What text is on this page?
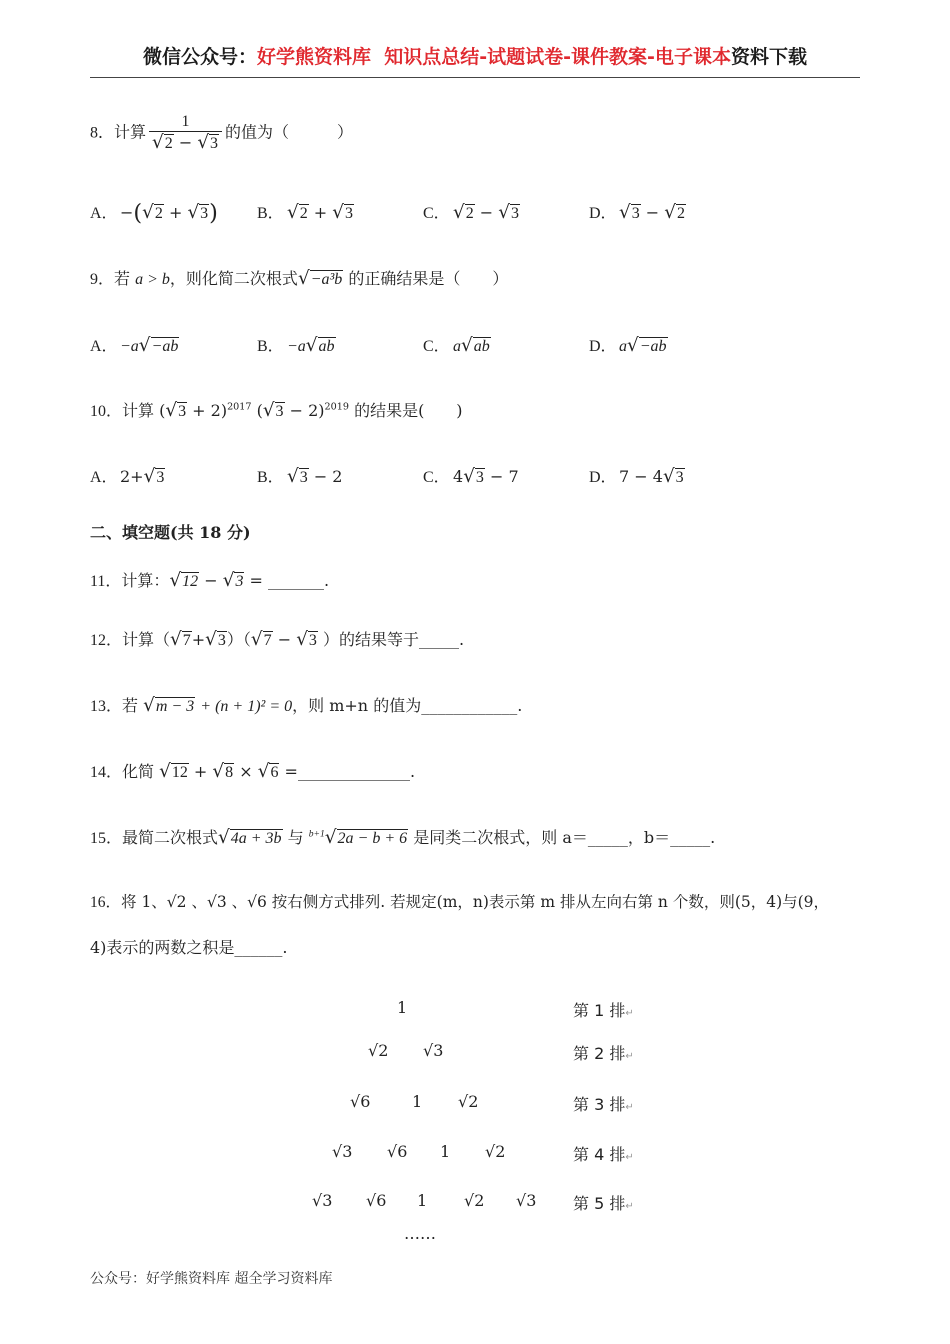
微信公众号：好学熊资料库 知识点总结-试题试卷-课件教案-电子课本资料下载
8．计算 $\frac{1}{√2 - √3}$ 的值为（　　　）
A． −(√2 + √3) B． √2 + √3	C． √2 − √3	D． √3 − √2
9．若 a > b，则化简二次根式√−a³b 的正确结果是（　　）
A． −a√−ab	B． −a√ab	C． a√ab	D． a√−ab
10．计算 $(√3 + 2)^{2017}$ $(√3 - 2)^{2019}$ 的结果是(　　)
A． 2+√3	B． √3 − 2	C． 4√3 − 7	D． 7 − 4√3
二、填空题(共 18 分)
11．计算：√12 − √3 = _______.
12．计算（√7+√3）（√7 − √3 ）的结果等于_____.
13．若 √m − 3 + (n + 1)² = 0，则 m+n 的值为____________.
14．化简 √12 + √8 × √6 =______________.
15．最简二次根式√4a + 3b 与 $^{b+1}$√2a − b + 6 是同类二次根式，则 a＝_____，b＝_____.
16．将 1、√2 、√3 、√6 按右侧方式排列. 若规定(m，n)表示第 m 排从左向右第 n 个数，则(5，4)与(9，
4)表示的两数之积是______.
1
√2 √3
√6	1 √2
√3 √6 1 √2
√3 √6 1 √2 √3
……
第 1 排↵
第 2 排↵
第 3 排↵
第 4 排↵
第 5 排↵
公众号：好学熊资料库 超全学习资料库
